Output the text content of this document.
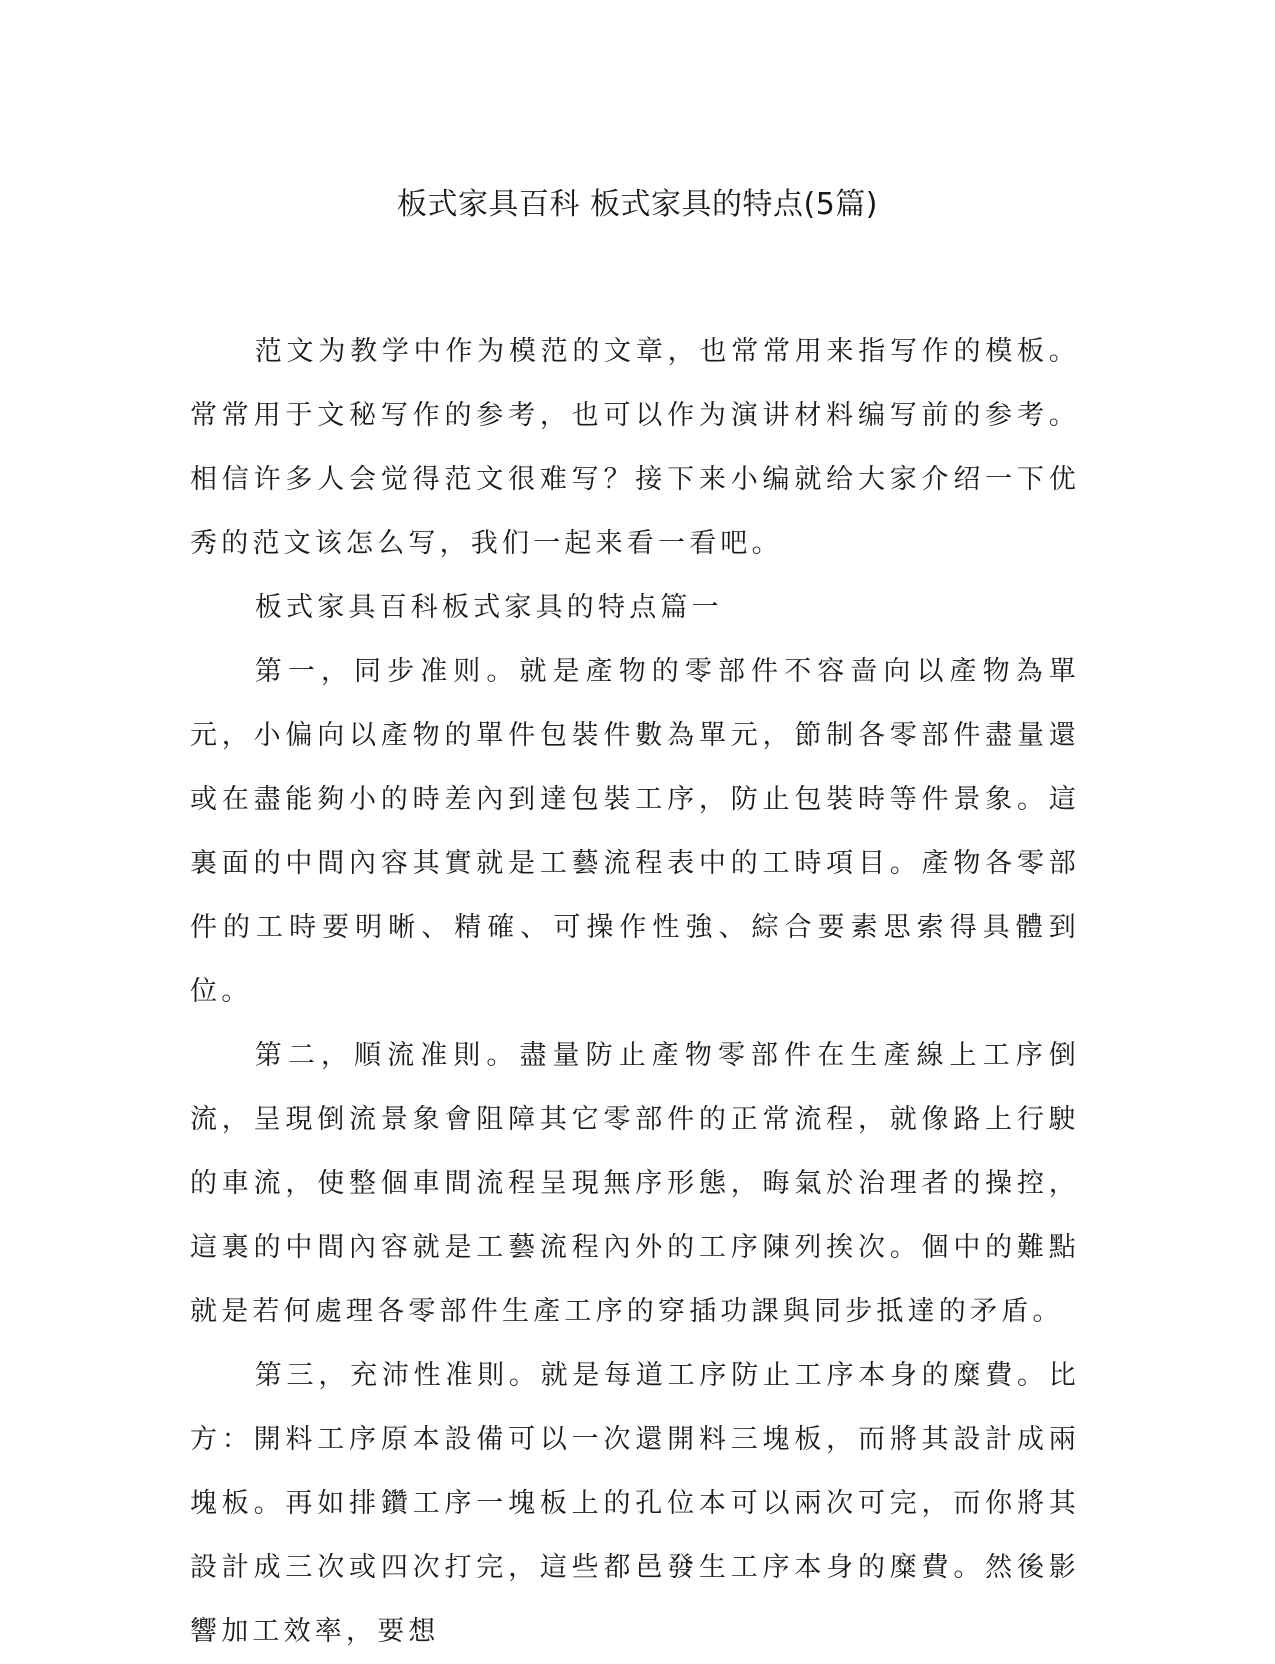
板式家具百科 板式家具的特点(5篇)

范文为教学中作为模范的文章，也常常用来指写作的模板。常常用于文秘写作的参考，也可以作为演讲材料编写前的参考。相信许多人会觉得范文很难写？接下来小编就给大家介绍一下优秀的范文该怎么写，我们一起来看一看吧。

板式家具百科板式家具的特点篇一

第一，同步准则。就是產物的零部件不容啬向以產物為單元，小偏向以產物的單件包裝件數為單元，節制各零部件盡量還或在盡能夠小的時差內到達包裝工序，防止包裝時等件景象。這裏面的中間內容其實就是工藝流程表中的工時項目。產物各零部件的工時要明晰、精確、可操作性強、綜合要素思索得具體到位。

第二，順流准則。盡量防止產物零部件在生產線上工序倒流，呈現倒流景象會阻障其它零部件的正常流程，就像路上行駛的車流，使整個車間流程呈現無序形態，晦氣於治理者的操控，這裏的中間內容就是工藝流程內外的工序陳列挨次。個中的難點就是若何處理各零部件生產工序的穿插功課與同步抵達的矛盾。

第三，充沛性准則。就是每道工序防止工序本身的糜費。比方：開料工序原本設備可以一次還開料三塊板，而將其設計成兩塊板。再如排鑽工序一塊板上的孔位本可以兩次可完，而你將其設計成三次或四次打完，這些都邑發生工序本身的糜費。然後影響加工效率，要想
